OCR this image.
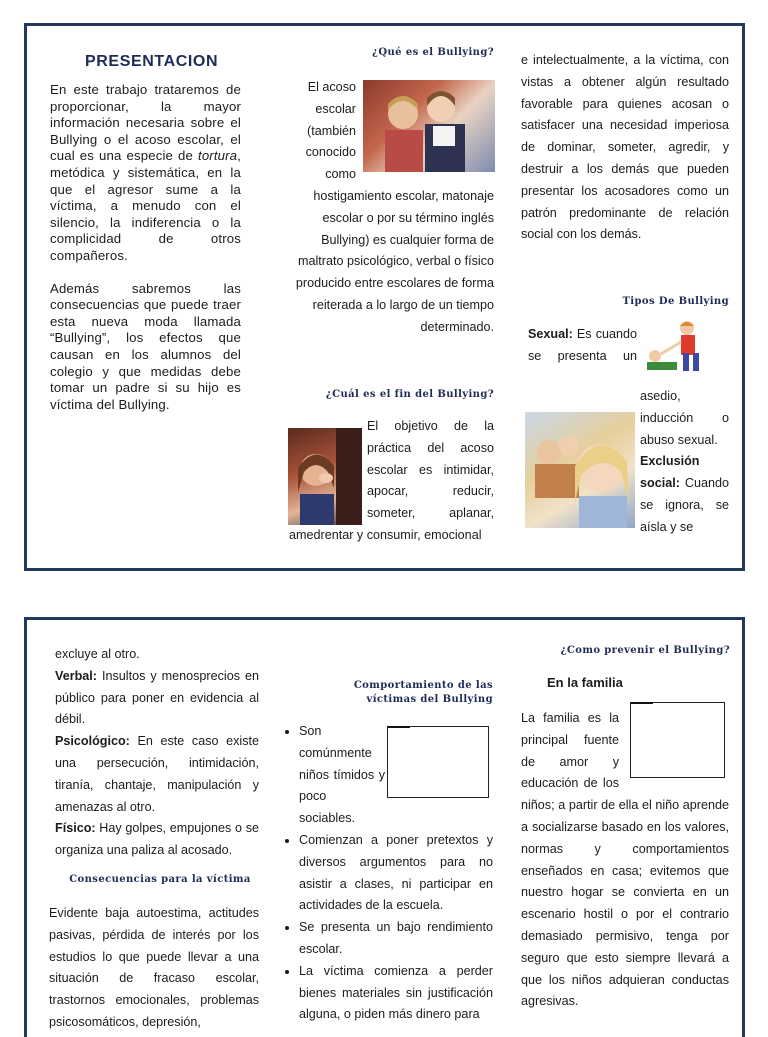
PRESENTACION

En este trabajo trataremos de proporcionar, la mayor información necesaria sobre el Bullying o el acoso escolar, el cual es una especie de tortura, metódica y sistemática, en la que el agresor sume a la víctima, a menudo con el silencio, la indiferencia o la complicidad de otros compañeros.

Además sabremos las consecuencias que puede traer esta nueva moda llamada “Bullying”, los efectos que causan en los alumnos del colegio y que medidas debe tomar un padre si su hijo es víctima del Bullying.

¿Qué es el Bullying?

El acoso escolar (también conocido como hostigamiento escolar, matonaje escolar o por su término inglés Bullying) es cualquier forma de maltrato psicológico, verbal o físico producido entre escolares de forma reiterada a lo largo de un tiempo determinado.

¿Cuál es el fin del Bullying?

El objetivo de la práctica del acoso escolar es intimidar, apocar, reducir, someter, aplanar, amedrentar y consumir, emocional

e intelectualmente, a la víctima, con vistas a obtener algún resultado favorable para quienes acosan o satisfacer una necesidad imperiosa de dominar, someter, agredir, y destruir a los demás que pueden presentar los acosadores como un patrón predominante de relación social con los demás.
Tipos De Bullying

Sexual: Es cuando se presenta un asedio, inducción o abuso sexual.

Exclusión social: Cuando se ignora, se aísla y se

excluye al otro.

Verbal: Insultos y menosprecios en público para poner en evidencia al débil.

Psicológico: En este caso existe una persecución, intimidación, tiranía, chantaje, manipulación y amenazas al otro.

Físico: Hay golpes, empujones o se organiza una paliza al acosado.

Consecuencias para la víctima
Evidente baja autoestima, actitudes pasivas, pérdida de interés por los estudios lo que puede llevar a una situación de fracaso escolar, trastornos emocionales, problemas psicosomáticos, depresión,
Comportamiento de las víctimas del Bullying
• Son comúnmente niños tímidos y poco sociables.
• Comienzan a poner pretextos y diversos argumentos para no asistir a clases, ni participar en actividades de la escuela.
• Se presenta un bajo rendimiento escolar.
• La víctima comienza a perder bienes materiales sin justificación alguna, o piden más dinero para
¿Como prevenir el Bullying?
En la familia

La familia es la principal fuente de amor y educación de los niños; a partir de ella el niño aprende a socializarse basado en los valores, normas y comportamientos enseñados en casa; evitemos que nuestro hogar se convierta en un escenario hostil o por el contrario demasiado permisivo, tenga por seguro que esto siempre llevará a que los niños adquieran conductas agresivas.
